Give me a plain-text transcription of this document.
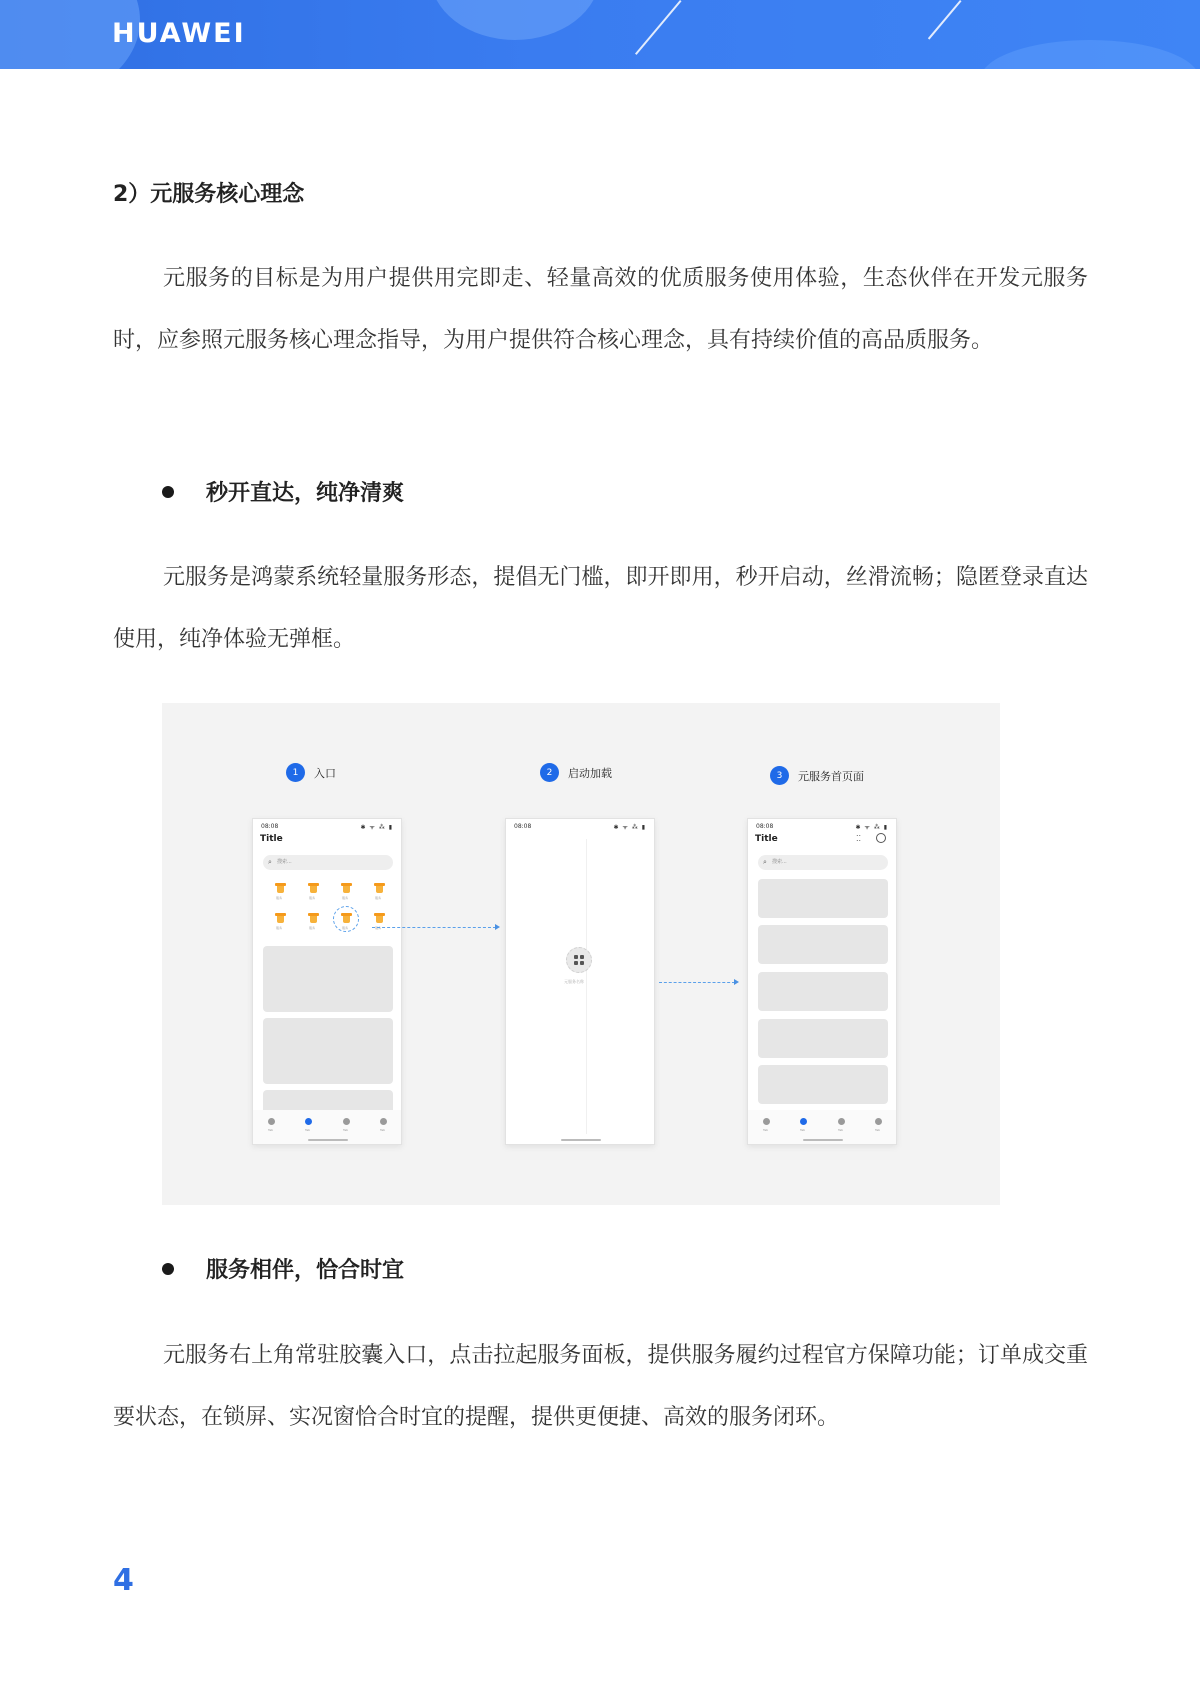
HUAWEI
2）元服务核心理念
元服务的目标是为用户提供用完即走、轻量高效的优质服务使用体验，生态伙伴在开发元服务时，应参照元服务核心理念指导，为用户提供符合核心理念，具有持续价值的高品质服务。
秒开直达，纯净清爽
元服务是鸿蒙系统轻量服务形态，提倡无门槛，即开即用，秒开启动，丝滑流畅；隐匿登录直达使用，纯净体验无弹框。
1	入口	2	启动加载	3	元服务首页面
08:08	✱ ᯤ ⁂ ▮
Title
⌕ 搜索...
服务	服务	服务	服务
服务	服务	服务	服务
Tab	Tab	Tab	Tab
08:08	✱ ᯤ ⁂ ▮
元服务名称
08:08	✱ ᯤ ⁂ ▮
Title	⁚⁚
⌕ 搜索...
Tab	Tab	Tab	Tab
服务相伴，恰合时宜
元服务右上角常驻胶囊入口，点击拉起服务面板，提供服务履约过程官方保障功能；订单成交重要状态，在锁屏、实况窗恰合时宜的提醒，提供更便捷、高效的服务闭环。
4
